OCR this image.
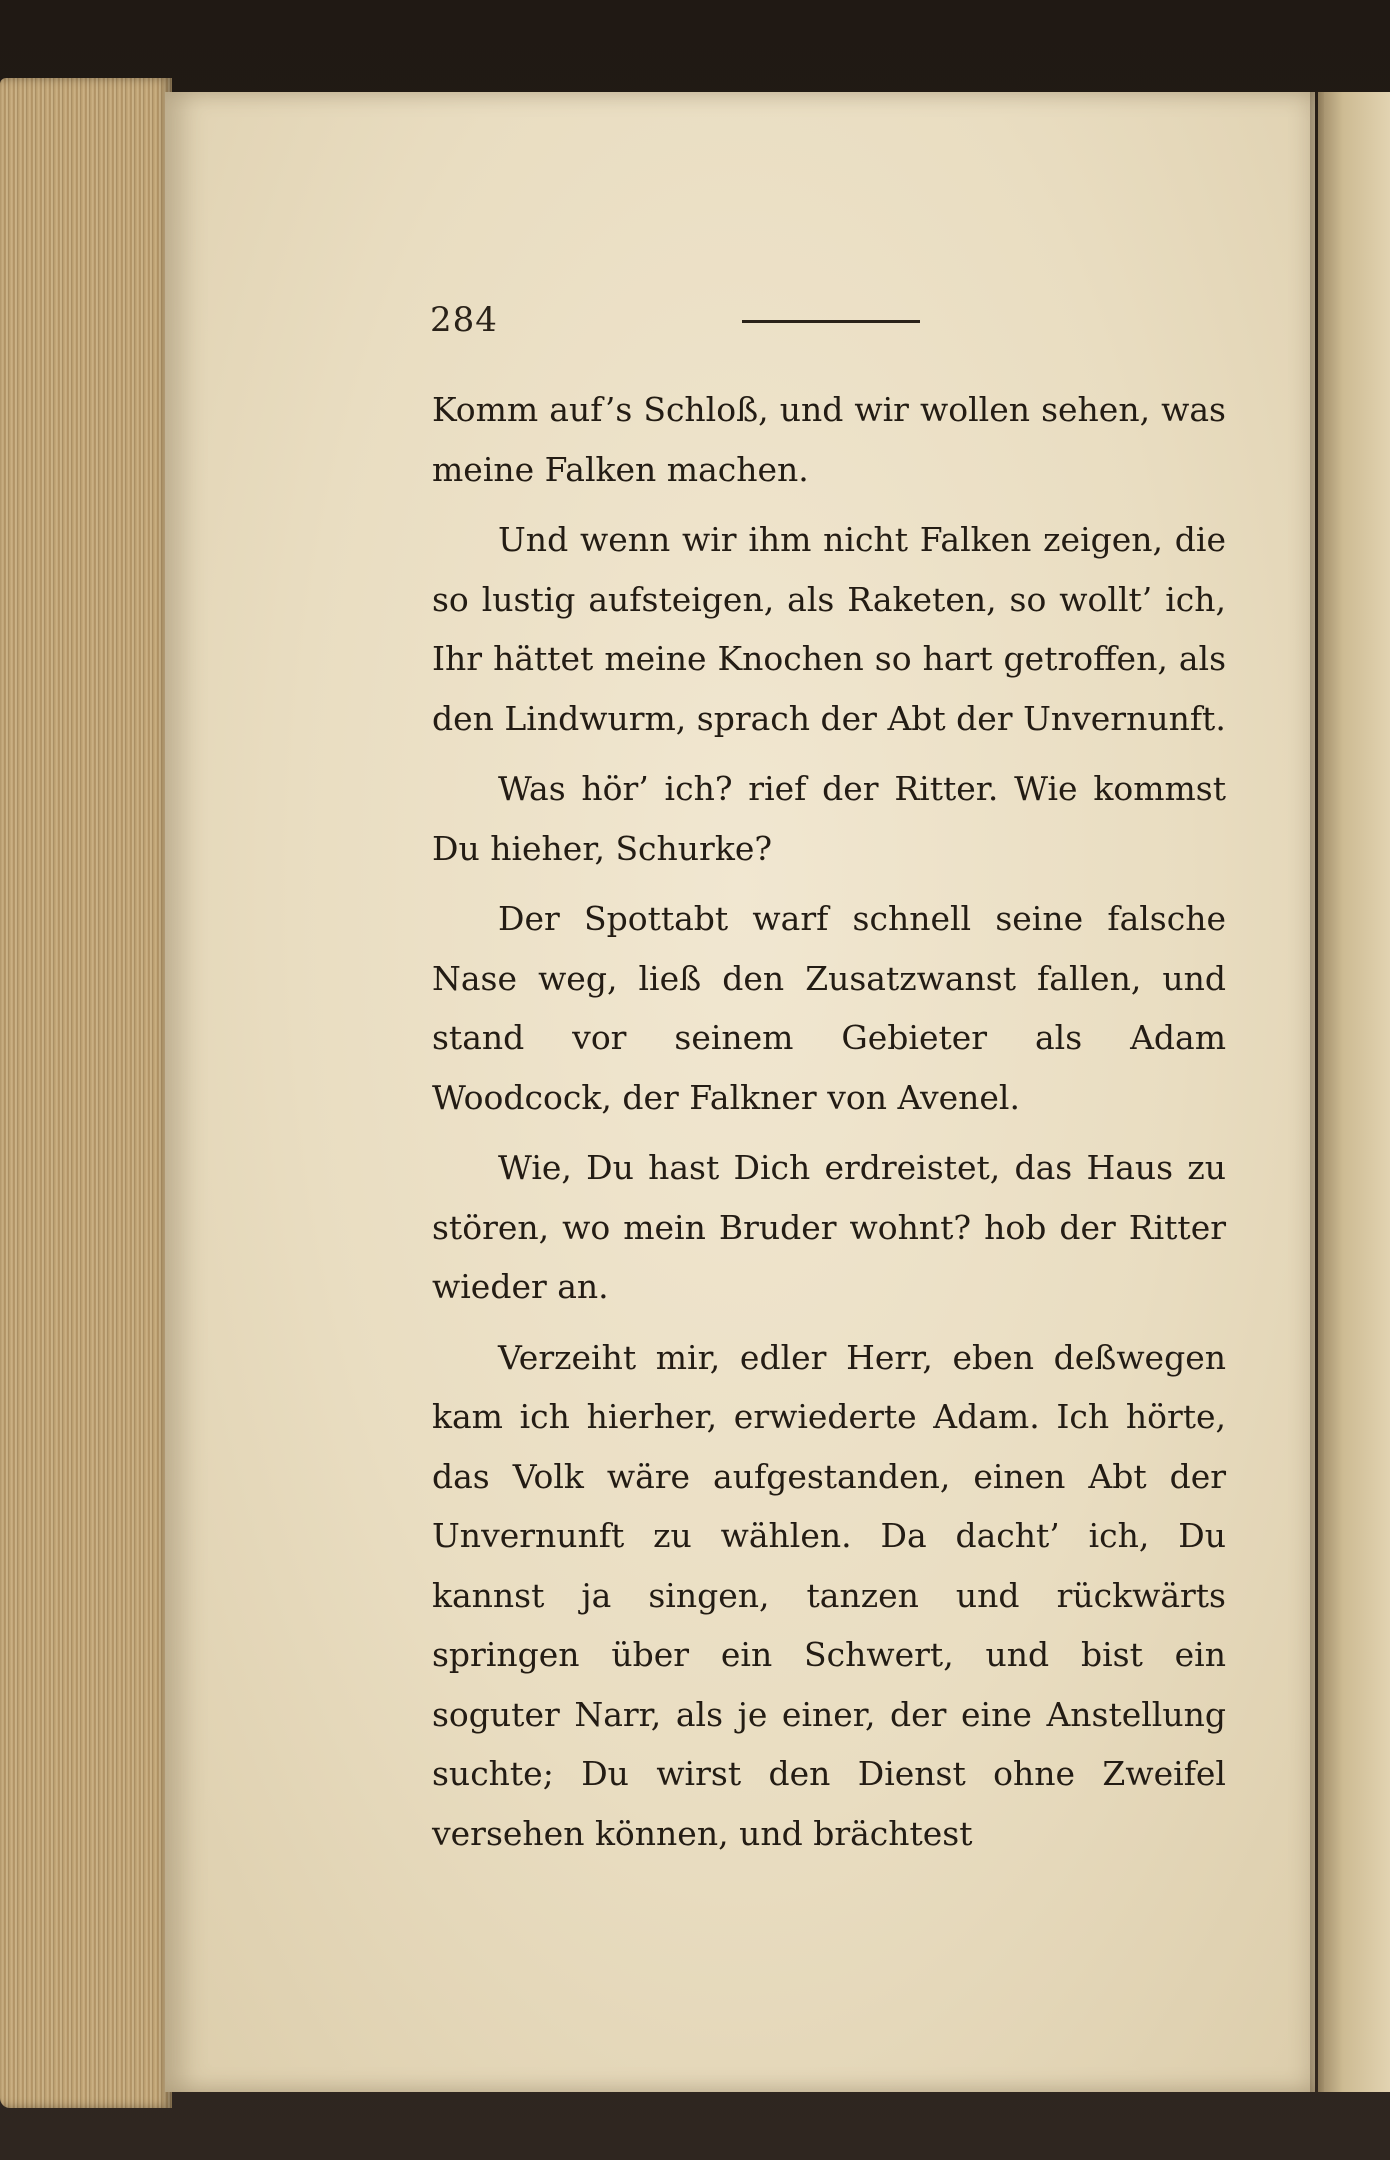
284

Komm auf’s Schloß, und wir wollen sehen, was meine Falken machen.

Und wenn wir ihm nicht Falken zeigen, die so lustig aufsteigen, als Raketen, so wollt’ ich, Ihr hättet meine Knochen so hart getroffen, als den Lindwurm, sprach der Abt der Unvernunft.

Was hör’ ich? rief der Ritter. Wie kommst Du hieher, Schurke?

Der Spottabt warf schnell seine falsche Nase weg, ließ den Zusatzwanst fallen, und stand vor seinem Gebieter als Adam Woodcock, der Falkner von Avenel.

Wie, Du hast Dich erdreistet, das Haus zu stören, wo mein Bruder wohnt? hob der Ritter wieder an.

Verzeiht mir, edler Herr, eben deßwegen kam ich hierher, erwiederte Adam. Ich hörte, das Volk wäre aufgestanden, einen Abt der Unvernunft zu wählen. Da dacht’ ich, Du kannst ja singen, tanzen und rückwärts springen über ein Schwert, und bist ein soguter Narr, als je einer, der eine Anstellung suchte; Du wirst den Dienst ohne Zweifel versehen können, und brächtest
